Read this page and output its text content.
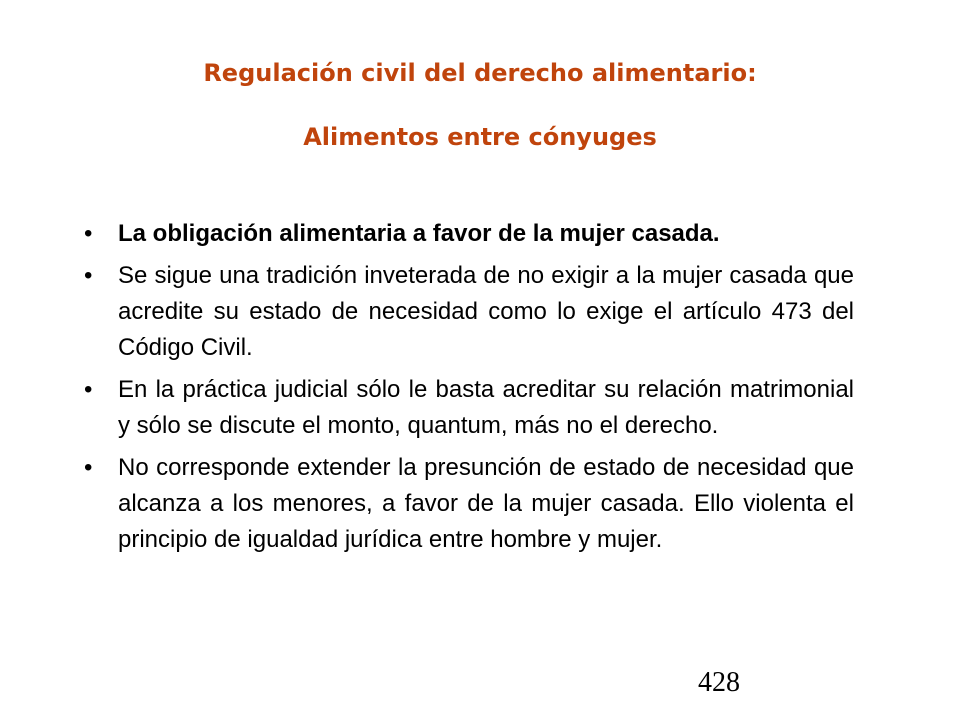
Regulación civil del derecho alimentario:
Alimentos entre cónyuges
• La obligación alimentaria a favor de la mujer casada.
• Se sigue una tradición inveterada de no exigir a la mujer casada que acredite su estado de necesidad como lo exige el artículo 473 del Código Civil.
• En la práctica judicial sólo le basta acreditar su relación matrimonial y sólo se discute el monto, quantum, más no el derecho.
• No corresponde extender la presunción de estado de necesidad que alcanza a los menores, a favor de la mujer casada. Ello violenta el principio de igualdad jurídica entre hombre y mujer.
428
